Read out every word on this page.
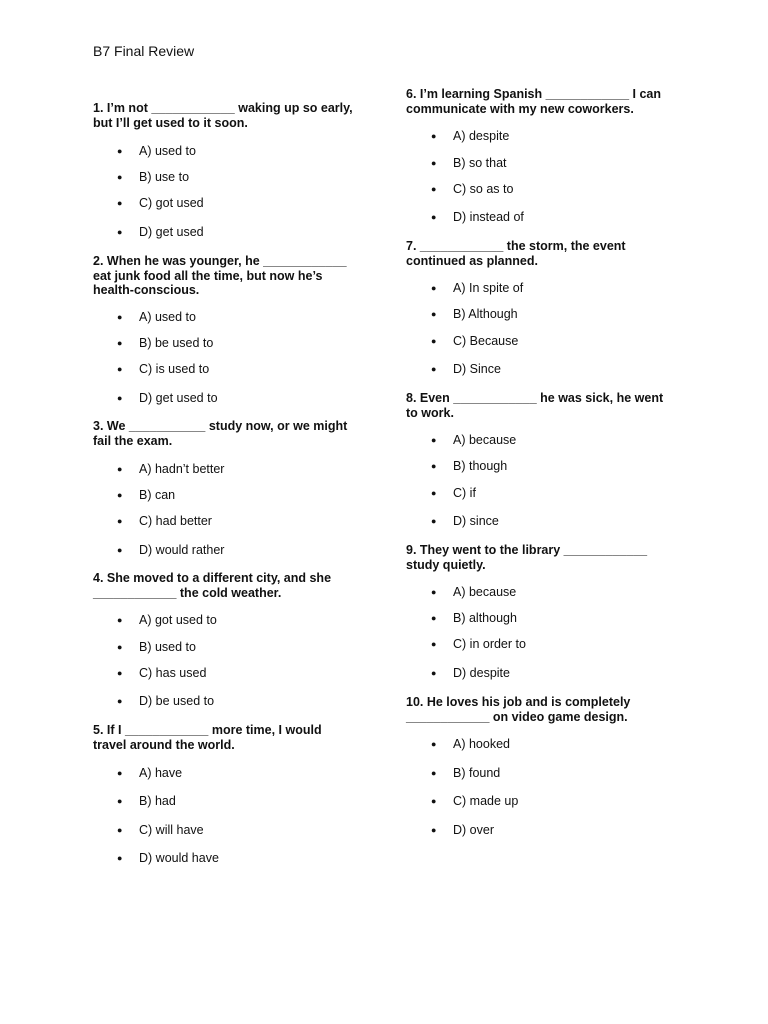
B7 Final Review
1. I’m not ____________ waking up so early,
but I’ll get used to it soon.
● A) used to
● B) use to
● C) got used
● D) get used
2. When he was younger, he ____________
eat junk food all the time, but now he’s
health-conscious.
● A) used to
● B) be used to
● C) is used to
● D) get used to
3. We ___________ study now, or we might
fail the exam.
● A) hadn’t better
● B) can
● C) had better
● D) would rather
4. She moved to a different city, and she
____________ the cold weather.
● A) got used to
● B) used to
● C) has used
● D) be used to
5. If I ____________ more time, I would
travel around the world.
● A) have
● B) had
● C) will have
● D) would have
6. I’m learning Spanish ____________ I can
communicate with my new coworkers.
● A) despite
● B) so that
● C) so as to
● D) instead of
7. ____________ the storm, the event
continued as planned.
● A) In spite of
● B) Although
● C) Because
● D) Since
8. Even ____________ he was sick, he went
to work.
● A) because
● B) though
● C) if
● D) since
9. They went to the library ____________
study quietly.
● A) because
● B) although
● C) in order to
● D) despite
10. He loves his job and is completely
____________ on video game design.
● A) hooked
● B) found
● C) made up
● D) over
